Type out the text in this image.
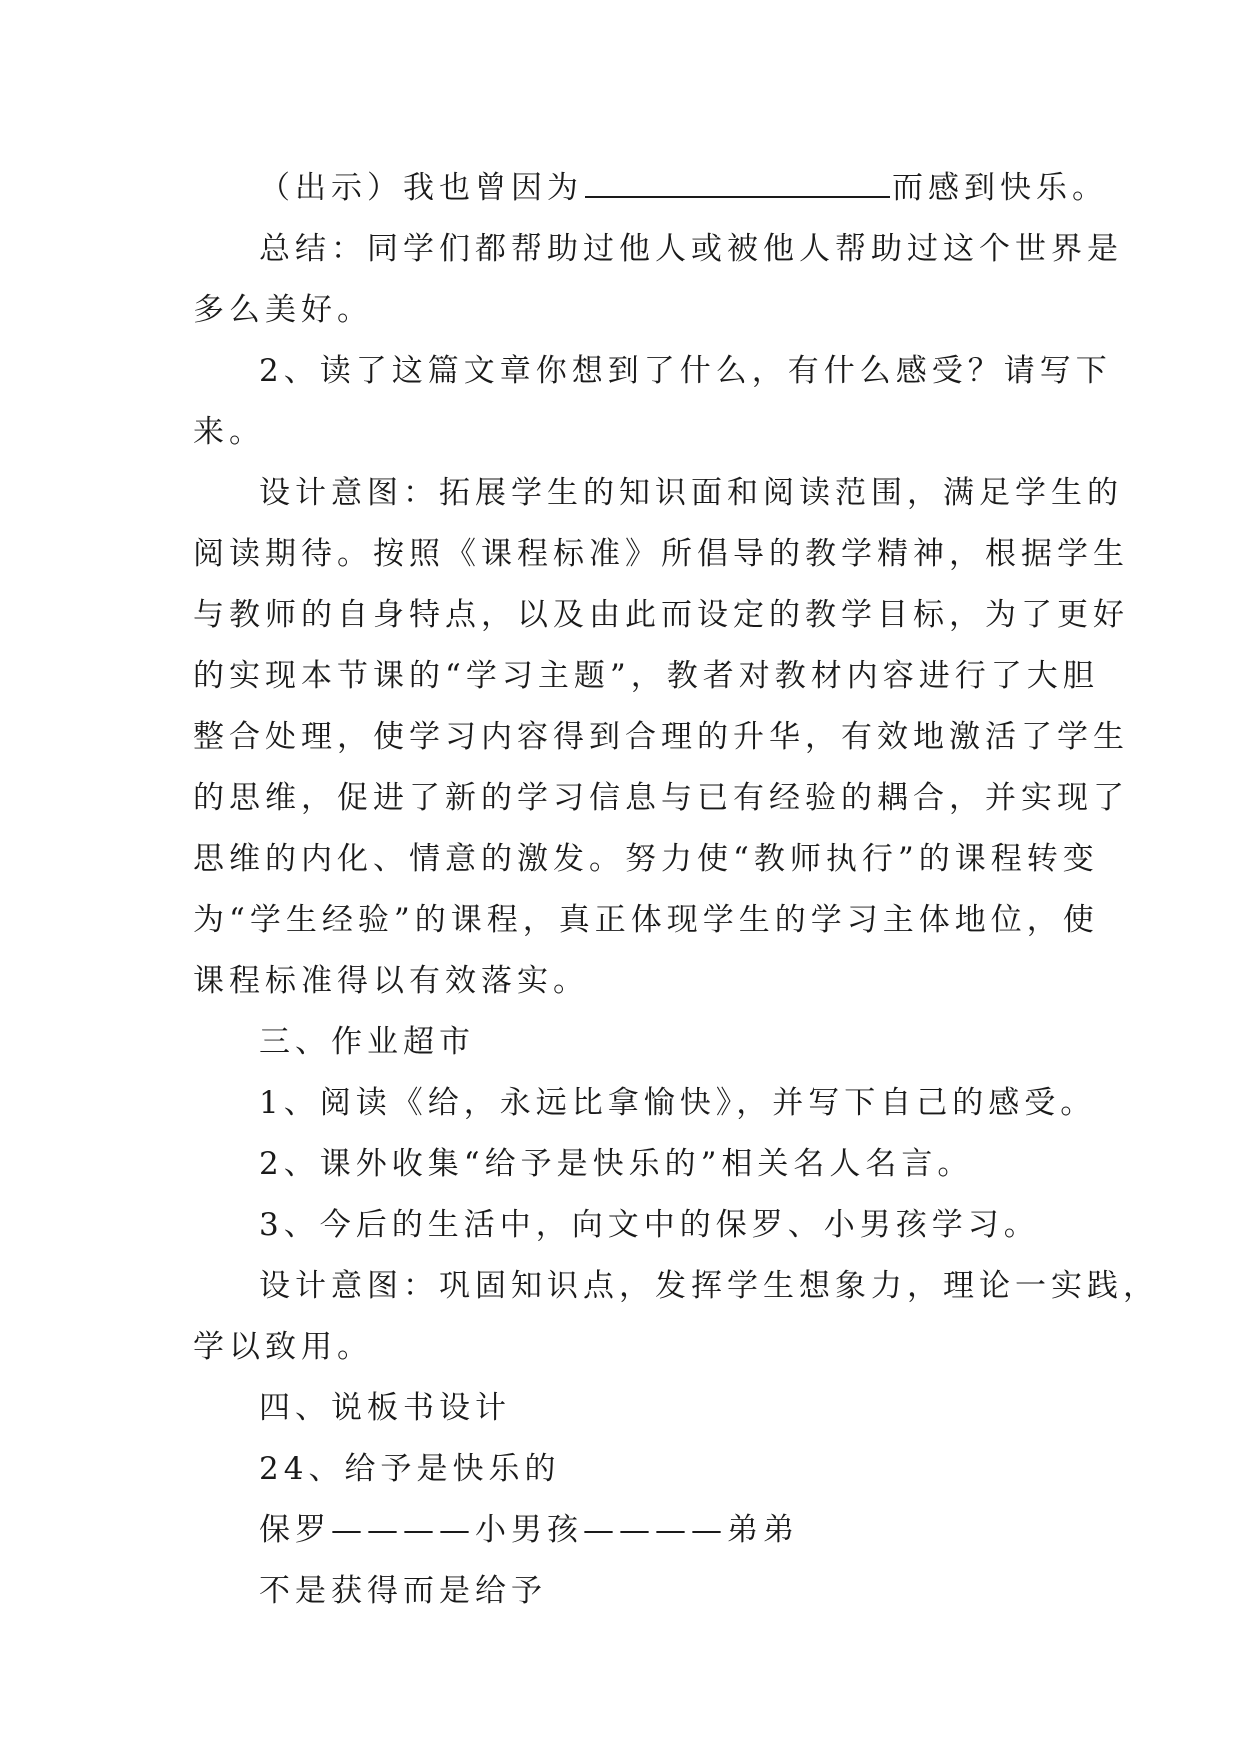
（出示）我也曾因为	而感到快乐。
总结：同学们都帮助过他人或被他人帮助过这个世界是
多么美好。
2、读了这篇文章你想到了什么，有什么感受？请写下
来。
设计意图：拓展学生的知识面和阅读范围，满足学生的
阅读期待。按照《课程标准》所倡导的教学精神，根据学生
与教师的自身特点，以及由此而设定的教学目标，为了更好
的实现本节课的“学习主题”，教者对教材内容进行了大胆
整合处理，使学习内容得到合理的升华，有效地激活了学生
的思维，促进了新的学习信息与已有经验的耦合，并实现了
思维的内化、情意的激发。努力使“教师执行”的课程转变
为“学生经验”的课程，真正体现学生的学习主体地位，使
课程标准得以有效落实。
三、作业超市
1、阅读《给，永远比拿愉快》，并写下自己的感受。
2、课外收集“给予是快乐的”相关名人名言。
3、今后的生活中，向文中的保罗、小男孩学习。
设计意图：巩固知识点，发挥学生想象力，理论一实践，
学以致用。
四、说板书设计
24、给予是快乐的
保罗————小男孩————弟弟
不是获得而是给予
